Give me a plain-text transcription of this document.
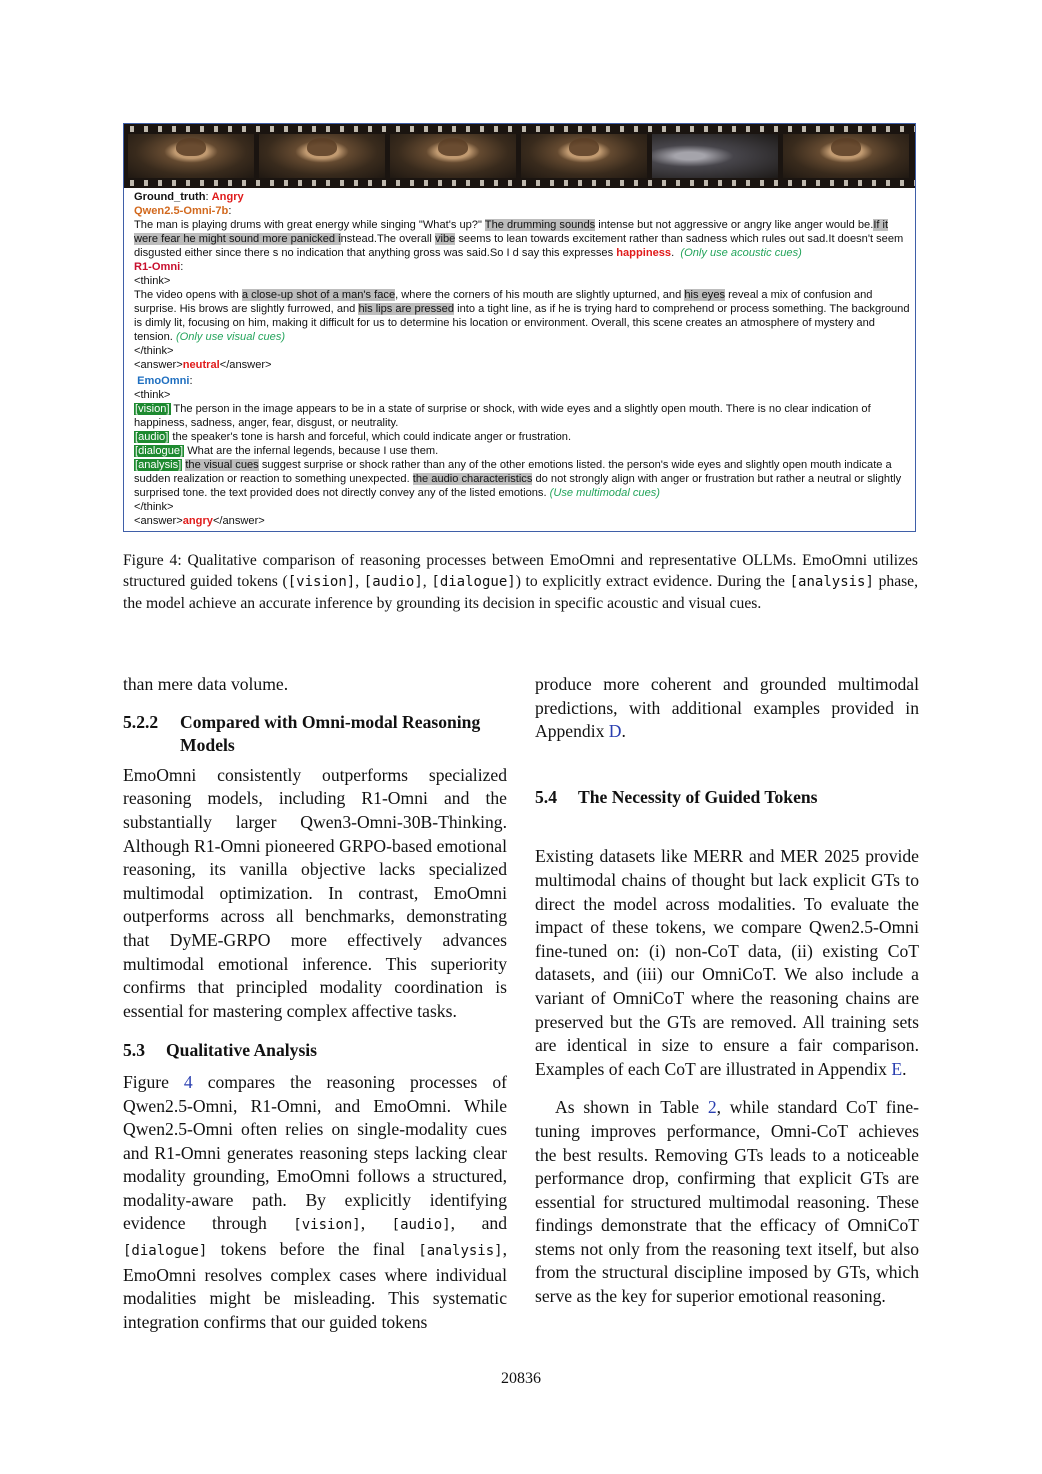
Ground_truth: Angry
Qwen2.5-Omni-7b:
The man is playing drums with great energy while singing "What's up?" The drumming sounds intense but not aggressive or angry like anger would be.If it were fear he might sound more panicked instead.The overall vibe seems to lean towards excitement rather than sadness which rules out sad.It doesn't seem disgusted either since there s no indication that anything gross was said.So I d say this expresses happiness. (Only use acoustic cues)
R1-Omni:
<think>
The video opens with a close-up shot of a man's face, where the corners of his mouth are slightly upturned, and his eyes reveal a mix of confusion and surprise. His brows are slightly furrowed, and his lips are pressed into a tight line, as if he is trying hard to comprehend or process something. The background is dimly lit, focusing on him, making it difficult for us to determine his location or environment. Overall, this scene creates an atmosphere of mystery and tension. (Only use visual cues)
</think>
<answer>neutral</answer>
EmoOmni:
<think>
[vision] The person in the image appears to be in a state of surprise or shock, with wide eyes and a slightly open mouth. There is no clear indication of happiness, sadness, anger, fear, disgust, or neutrality.
[audio] the speaker's tone is harsh and forceful, which could indicate anger or frustration.
[dialogue] What are the infernal legends, because I use them.
[analysis] the visual cues suggest surprise or shock rather than any of the other emotions listed. the person's wide eyes and slightly open mouth indicate a sudden realization or reaction to something unexpected. the audio characteristics do not strongly align with anger or frustration but rather a neutral or slightly surprised tone. the text provided does not directly convey any of the listed emotions. (Use multimodal cues)
</think>
<answer>angry</answer>
Figure 4: Qualitative comparison of reasoning processes between EmoOmni and representative OLLMs. EmoOmni utilizes structured guided tokens ([vision], [audio], [dialogue]) to explicitly extract evidence. During the [analysis] phase, the model achieve an accurate inference by grounding its decision in specific acoustic and visual cues.

than mere data volume.

5.2.2	Compared with Omni-modal Reasoning Models

EmoOmni consistently outperforms specialized reasoning models, including R1-Omni and the substantially larger Qwen3-Omni-30B-Thinking. Although R1-Omni pioneered GRPO-based emotional reasoning, its vanilla objective lacks specialized multimodal optimization. In contrast, EmoOmni outperforms across all benchmarks, demonstrating that DyME-GRPO more effectively advances multimodal emotional inference. This superiority confirms that principled modality coordination is essential for mastering complex affective tasks.

5.3	Qualitative Analysis

Figure 4 compares the reasoning processes of Qwen2.5-Omni, R1-Omni, and EmoOmni. While Qwen2.5-Omni often relies on single-modality cues and R1-Omni generates reasoning steps lacking clear modality grounding, EmoOmni follows a structured, modality-aware path. By explicitly identifying evidence through [vision], [audio], and [dialogue] tokens before the final [analysis], EmoOmni resolves complex cases where individual modalities might be misleading. This systematic integration confirms that our guided tokens

produce more coherent and grounded multimodal predictions, with additional examples provided in Appendix D.

5.4	The Necessity of Guided Tokens

Existing datasets like MERR and MER 2025 provide multimodal chains of thought but lack explicit GTs to direct the model across modalities. To evaluate the impact of these tokens, we compare Qwen2.5-Omni fine-tuned on: (i) non-CoT data, (ii) existing CoT datasets, and (iii) our OmniCoT. We also include a variant of OmniCoT where the reasoning chains are preserved but the GTs are removed. All training sets are identical in size to ensure a fair comparison. Examples of each CoT are illustrated in Appendix E.

As shown in Table 2, while standard CoT fine-tuning improves performance, Omni-CoT achieves the best results. Removing GTs leads to a noticeable performance drop, confirming that explicit GTs are essential for structured multimodal reasoning. These findings demonstrate that the efficacy of OmniCoT stems not only from the reasoning text itself, but also from the structural discipline imposed by GTs, which serve as the key for superior emotional reasoning.

20836
